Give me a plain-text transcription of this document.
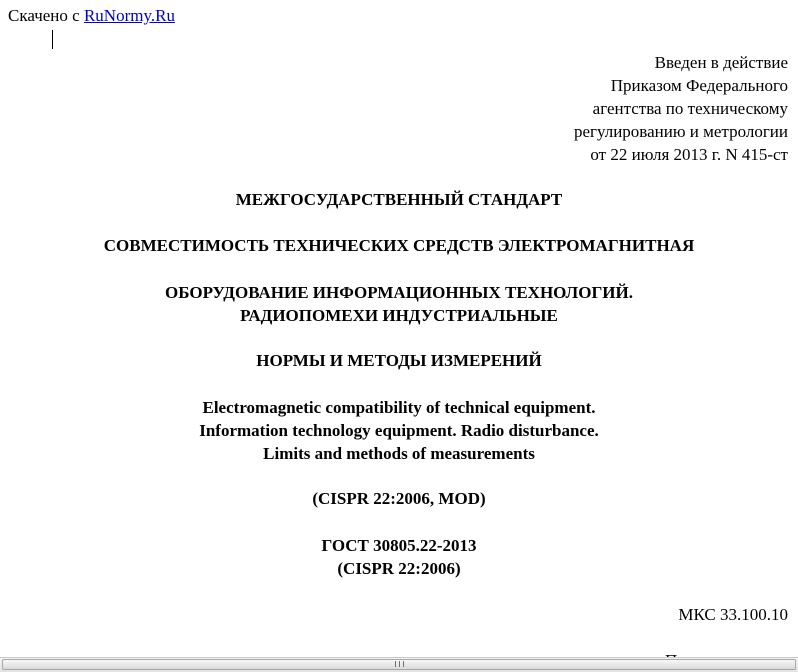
Скачено с RuNormy.Ru
Введен в действие
Приказом Федерального
агентства по техническому
регулированию и метрологии
от 22 июля 2013 г. N 415-ст
МЕЖГОСУДАРСТВЕННЫЙ СТАНДАРТ
СОВМЕСТИМОСТЬ ТЕХНИЧЕСКИХ СРЕДСТВ ЭЛЕКТРОМАГНИТНАЯ
ОБОРУДОВАНИЕ ИНФОРМАЦИОННЫХ ТЕХНОЛОГИЙ.
РАДИОПОМЕХИ ИНДУСТРИАЛЬНЫЕ
НОРМЫ И МЕТОДЫ ИЗМЕРЕНИЙ
Electromagnetic compatibility of technical equipment.
Information technology equipment. Radio disturbance.
Limits and methods of measurements
(CISPR 22:2006, MOD)
ГОСТ 30805.22-2013
(CISPR 22:2006)
МКС 33.100.10
